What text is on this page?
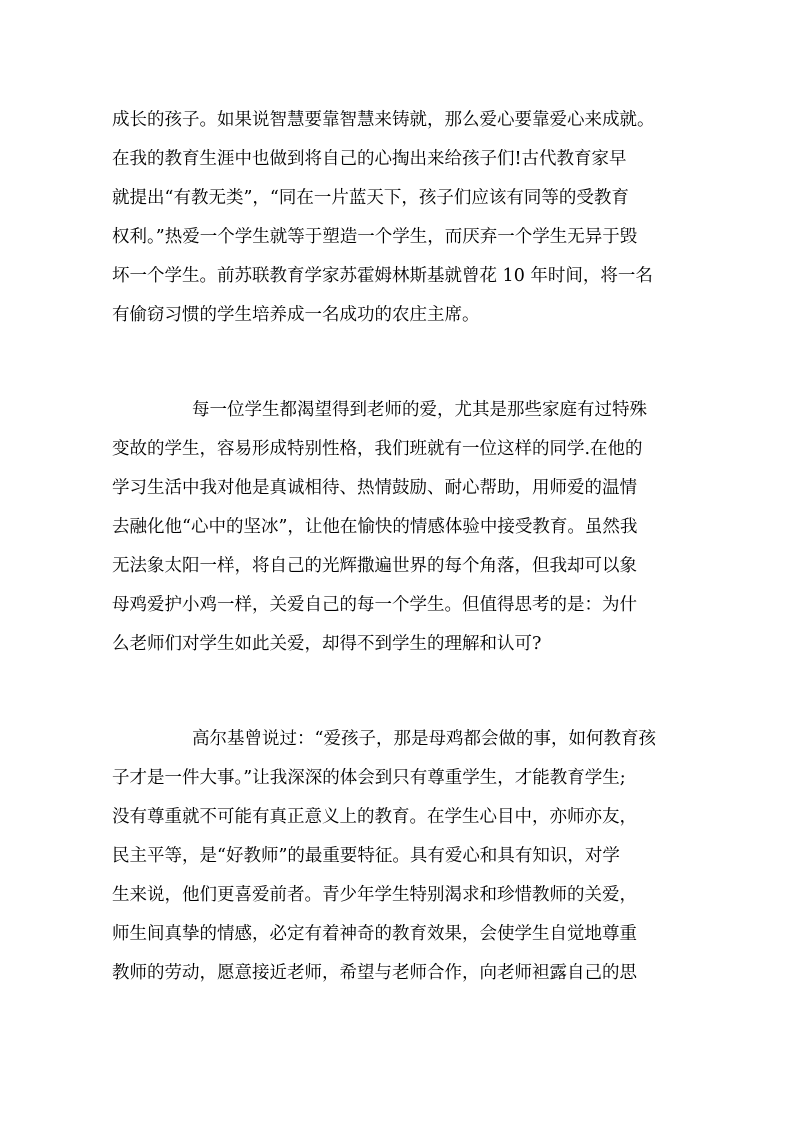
成长的孩子。如果说智慧要靠智慧来铸就，那么爱心要靠爱心来成就。
在我的教育生涯中也做到将自己的心掏出来给孩子们!古代教育家早
就提出“有教无类”，“同在一片蓝天下，孩子们应该有同等的受教育
权利。”热爱一个学生就等于塑造一个学生，而厌弃一个学生无异于毁
坏一个学生。前苏联教育学家苏霍姆林斯基就曾花 10 年时间，将一名
有偷窃习惯的学生培养成一名成功的农庄主席。
每一位学生都渴望得到老师的爱，尤其是那些家庭有过特殊
变故的学生，容易形成特别性格，我们班就有一位这样的同学.在他的
学习生活中我对他是真诚相待、热情鼓励、耐心帮助，用师爱的温情
去融化他“心中的坚冰”，让他在愉快的情感体验中接受教育。虽然我
无法象太阳一样，将自己的光辉撒遍世界的每个角落，但我却可以象
母鸡爱护小鸡一样，关爱自己的每一个学生。但值得思考的是：为什
么老师们对学生如此关爱，却得不到学生的理解和认可?
高尔基曾说过：“爱孩子，那是母鸡都会做的事，如何教育孩
子才是一件大事。”让我深深的体会到只有尊重学生，才能教育学生;
没有尊重就不可能有真正意义上的教育。在学生心目中，亦师亦友，
民主平等，是“好教师”的最重要特征。具有爱心和具有知识，对学
生来说，他们更喜爱前者。青少年学生特别渴求和珍惜教师的关爱，
师生间真挚的情感，必定有着神奇的教育效果，会使学生自觉地尊重
教师的劳动，愿意接近老师，希望与老师合作，向老师袒露自己的思
